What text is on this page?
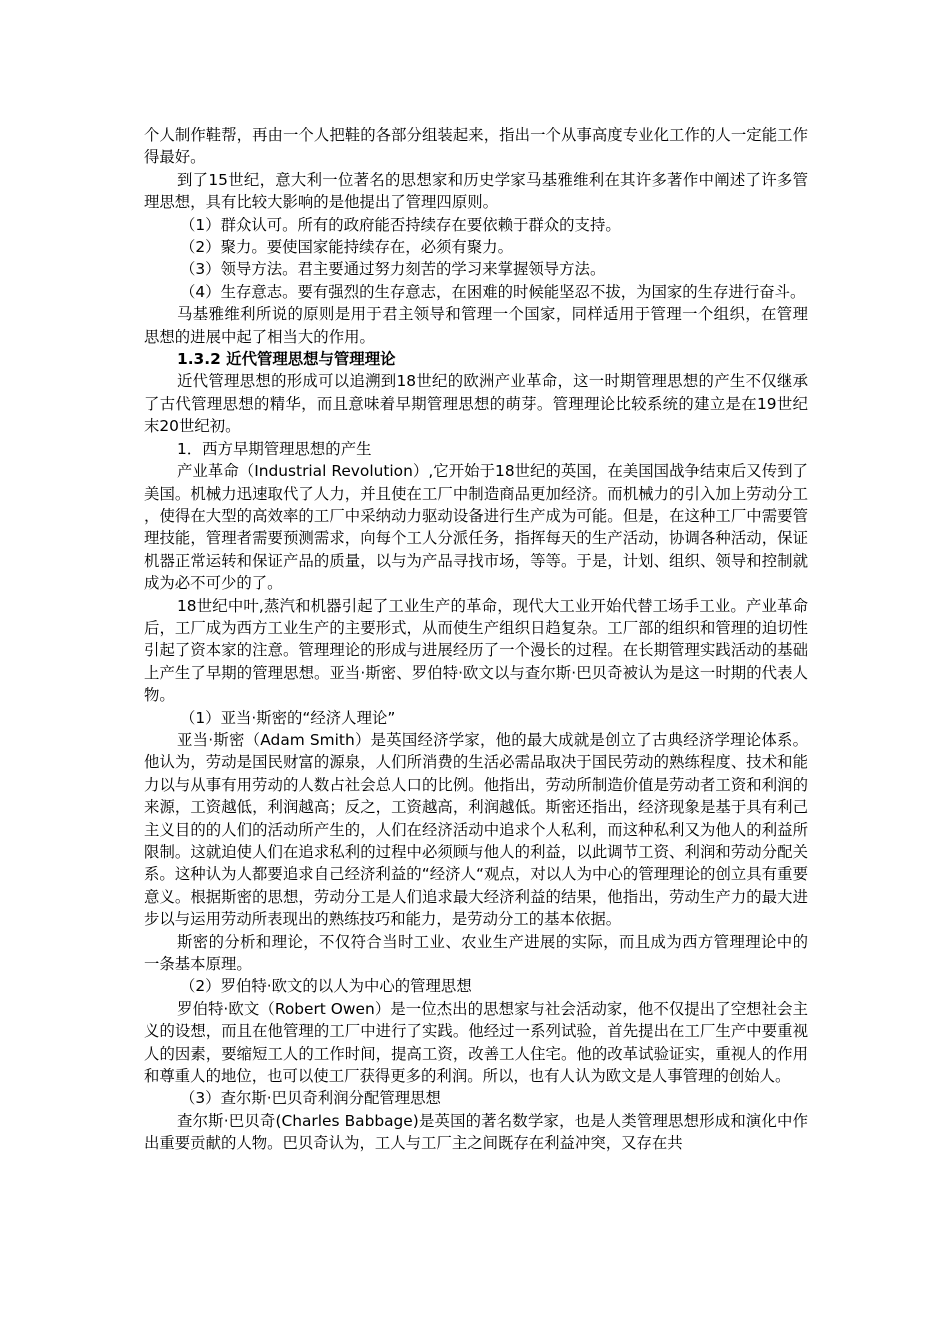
个人制作鞋帮，再由一个人把鞋的各部分组装起来，指出一个从事高度专业化工作的人一定能工作得最好。

到了15世纪，意大利一位著名的思想家和历史学家马基雅维利在其许多著作中阐述了许多管理思想，具有比较大影响的是他提出了管理四原则。

（1）群众认可。所有的政府能否持续存在要依赖于群众的支持。

（2）聚力。要使国家能持续存在，必须有聚力。

（3）领导方法。君主要通过努力刻苦的学习来掌握领导方法。

（4）生存意志。要有强烈的生存意志，在困难的时候能坚忍不拔，为国家的生存进行奋斗。

马基雅维利所说的原则是用于君主领导和管理一个国家，同样适用于管理一个组织，在管理思想的进展中起了相当大的作用。

1.3.2 近代管理思想与管理理论

近代管理思想的形成可以追溯到18世纪的欧洲产业革命，这一时期管理思想的产生不仅继承了古代管理思想的精华，而且意味着早期管理思想的萌芽。管理理论比较系统的建立是在19世纪末20世纪初。

1．西方早期管理思想的产生

产业革命（Industrial Revolution）,它开始于18世纪的英国，在美国国战争结束后又传到了美国。机械力迅速取代了人力，并且使在工厂中制造商品更加经济。而机械力的引入加上劳动分工，使得在大型的高效率的工厂中采纳动力驱动设备进行生产成为可能。但是，在这种工厂中需要管理技能，管理者需要预测需求，向每个工人分派任务，指挥每天的生产活动，协调各种活动，保证机器正常运转和保证产品的质量，以与为产品寻找市场，等等。于是，计划、组织、领导和控制就成为必不可少的了。

18世纪中叶,蒸汽和机器引起了工业生产的革命，现代大工业开始代替工场手工业。产业革命后，工厂成为西方工业生产的主要形式，从而使生产组织日趋复杂。工厂部的组织和管理的迫切性引起了资本家的注意。管理理论的形成与进展经历了一个漫长的过程。在长期管理实践活动的基础上产生了早期的管理思想。亚当·斯密、罗伯特·欧文以与查尔斯·巴贝奇被认为是这一时期的代表人物。

（1）亚当·斯密的“经济人理论”

亚当·斯密（Adam Smith）是英国经济学家，他的最大成就是创立了古典经济学理论体系。他认为，劳动是国民财富的源泉，人们所消费的生活必需品取决于国民劳动的熟练程度、技术和能力以与从事有用劳动的人数占社会总人口的比例。他指出，劳动所制造价值是劳动者工资和利润的来源，工资越低，利润越高；反之，工资越高，利润越低。斯密还指出，经济现象是基于具有利己主义目的的人们的活动所产生的，人们在经济活动中追求个人私利，而这种私利又为他人的利益所限制。这就迫使人们在追求私利的过程中必须顾与他人的利益，以此调节工资、利润和劳动分配关系。这种认为人都要追求自己经济利益的“经济人“观点，对以人为中心的管理理论的创立具有重要意义。根据斯密的思想，劳动分工是人们追求最大经济利益的结果，他指出，劳动生产力的最大进步以与运用劳动所表现出的熟练技巧和能力，是劳动分工的基本依据。

斯密的分析和理论，不仅符合当时工业、农业生产进展的实际，而且成为西方管理理论中的一条基本原理。

（2）罗伯特·欧文的以人为中心的管理思想

罗伯特·欧文（Robert Owen）是一位杰出的思想家与社会活动家，他不仅提出了空想社会主义的设想，而且在他管理的工厂中进行了实践。他经过一系列试验，首先提出在工厂生产中要重视人的因素，要缩短工人的工作时间，提高工资，改善工人住宅。他的改革试验证实，重视人的作用和尊重人的地位，也可以使工厂获得更多的利润。所以，也有人认为欧文是人事管理的创始人。

（3）查尔斯·巴贝奇利润分配管理思想

查尔斯·巴贝奇(Charles Babbage)是英国的著名数学家，也是人类管理思想形成和演化中作出重要贡献的人物。巴贝奇认为，工人与工厂主之间既存在利益冲突，又存在共
